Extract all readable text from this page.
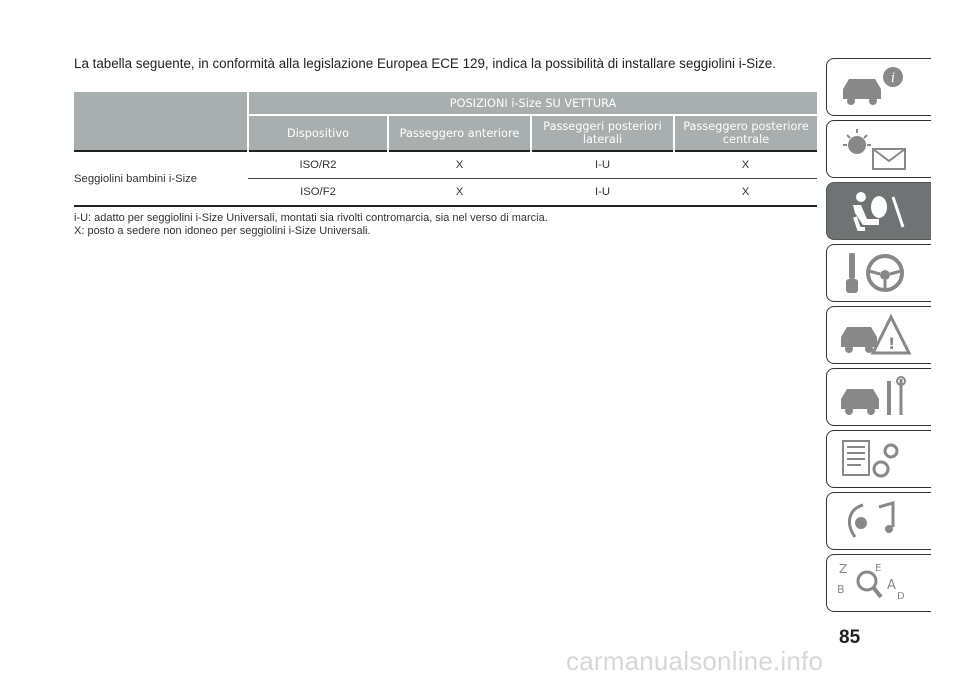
La tabella seguente, in conformità alla legislazione Europea ECE 129, indica la possibilità di installare seggiolini i-Size.
	POSIZIONI i-Size SU VETTURA			
	Dispositivo	Passeggero anteriore	Passeggeri posteriori laterali	Passeggero posteriore centrale
Seggiolini bambini i-Size	ISO/R2	X	I-U	X
	ISO/F2	X	I-U	X

i-U: adatto per seggiolini i-Size Universali, montati sia rivolti contromarcia, sia nel verso di marcia.

X: posto a sedere non idoneo per seggiolini i-Size Universali.

i
!
Z	E
B	A
D
85
carmanualsonline.info
